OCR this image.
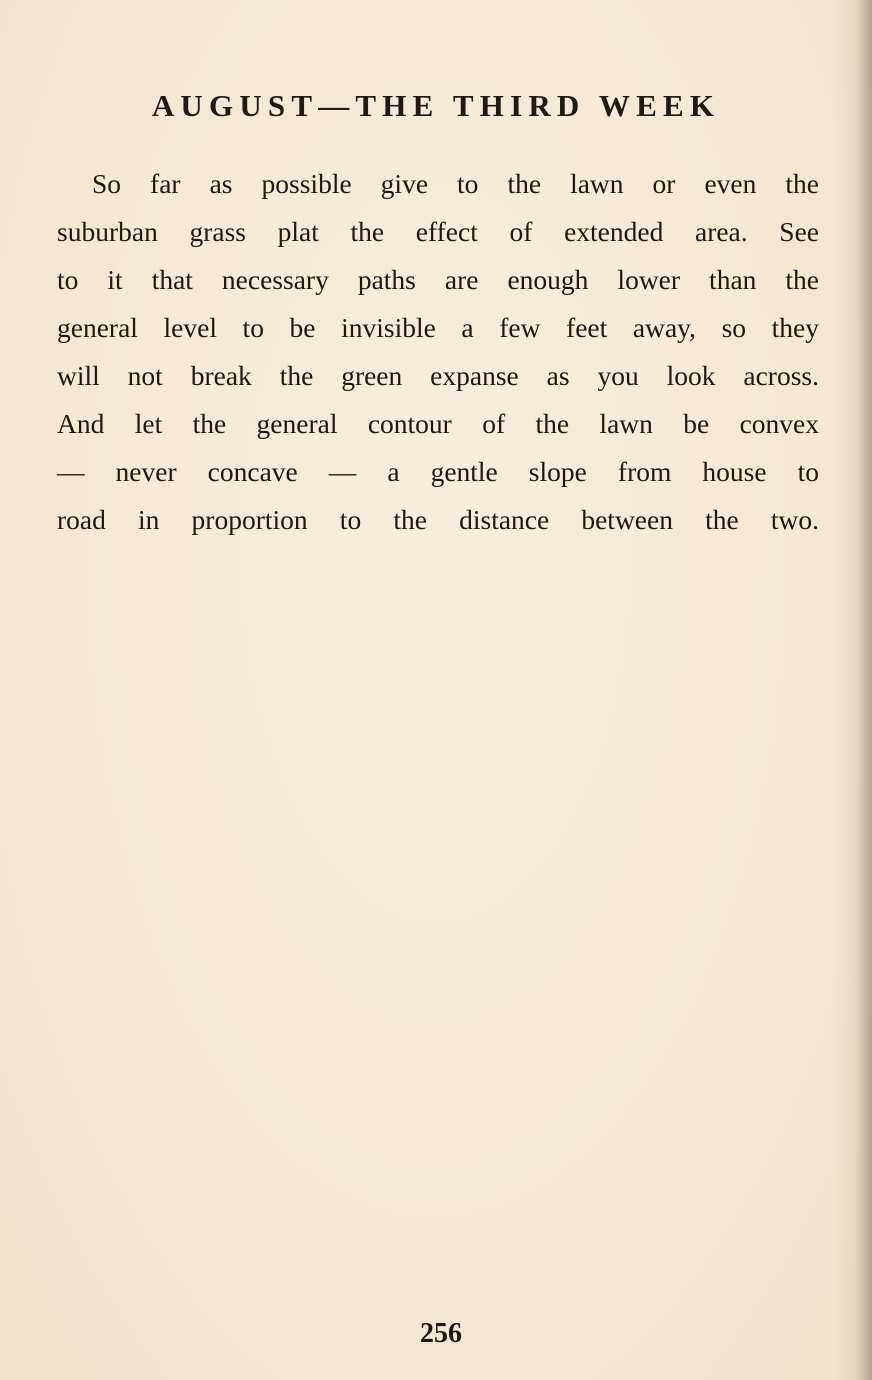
AUGUST—THE THIRD WEEK
So far as possible give to the lawn or even the
suburban grass plat the effect of extended area. See
to it that necessary paths are enough lower than the
general level to be invisible a few feet away, so they
will not break the green expanse as you look across.
And let the general contour of the lawn be convex
— never concave — a gentle slope from house to
road in proportion to the distance between the two.

256
